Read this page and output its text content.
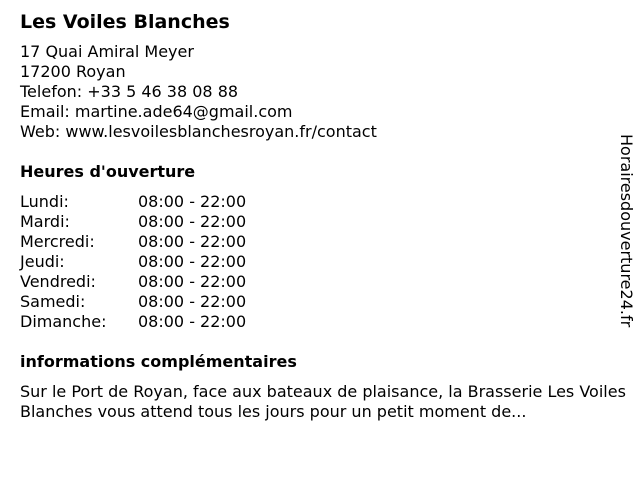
Les Voiles Blanches
17 Quai Amiral Meyer
17200 Royan
Telefon: +33 5 46 38 08 88
Email: martine.ade64@gmail.com
Web: www.lesvoilesblanchesroyan.fr/contact
Heures d'ouverture
Lundi:	08:00 - 22:00
Mardi:	08:00 - 22:00
Mercredi:	08:00 - 22:00
Jeudi:	08:00 - 22:00
Vendredi:	08:00 - 22:00
Samedi:	08:00 - 22:00
Dimanche:	08:00 - 22:00
informations complémentaires
Sur le Port de Royan, face aux bateaux de plaisance, la Brasserie Les Voiles Blanches vous attend tous les jours pour un petit moment de...
Horairesdouverture24.fr
